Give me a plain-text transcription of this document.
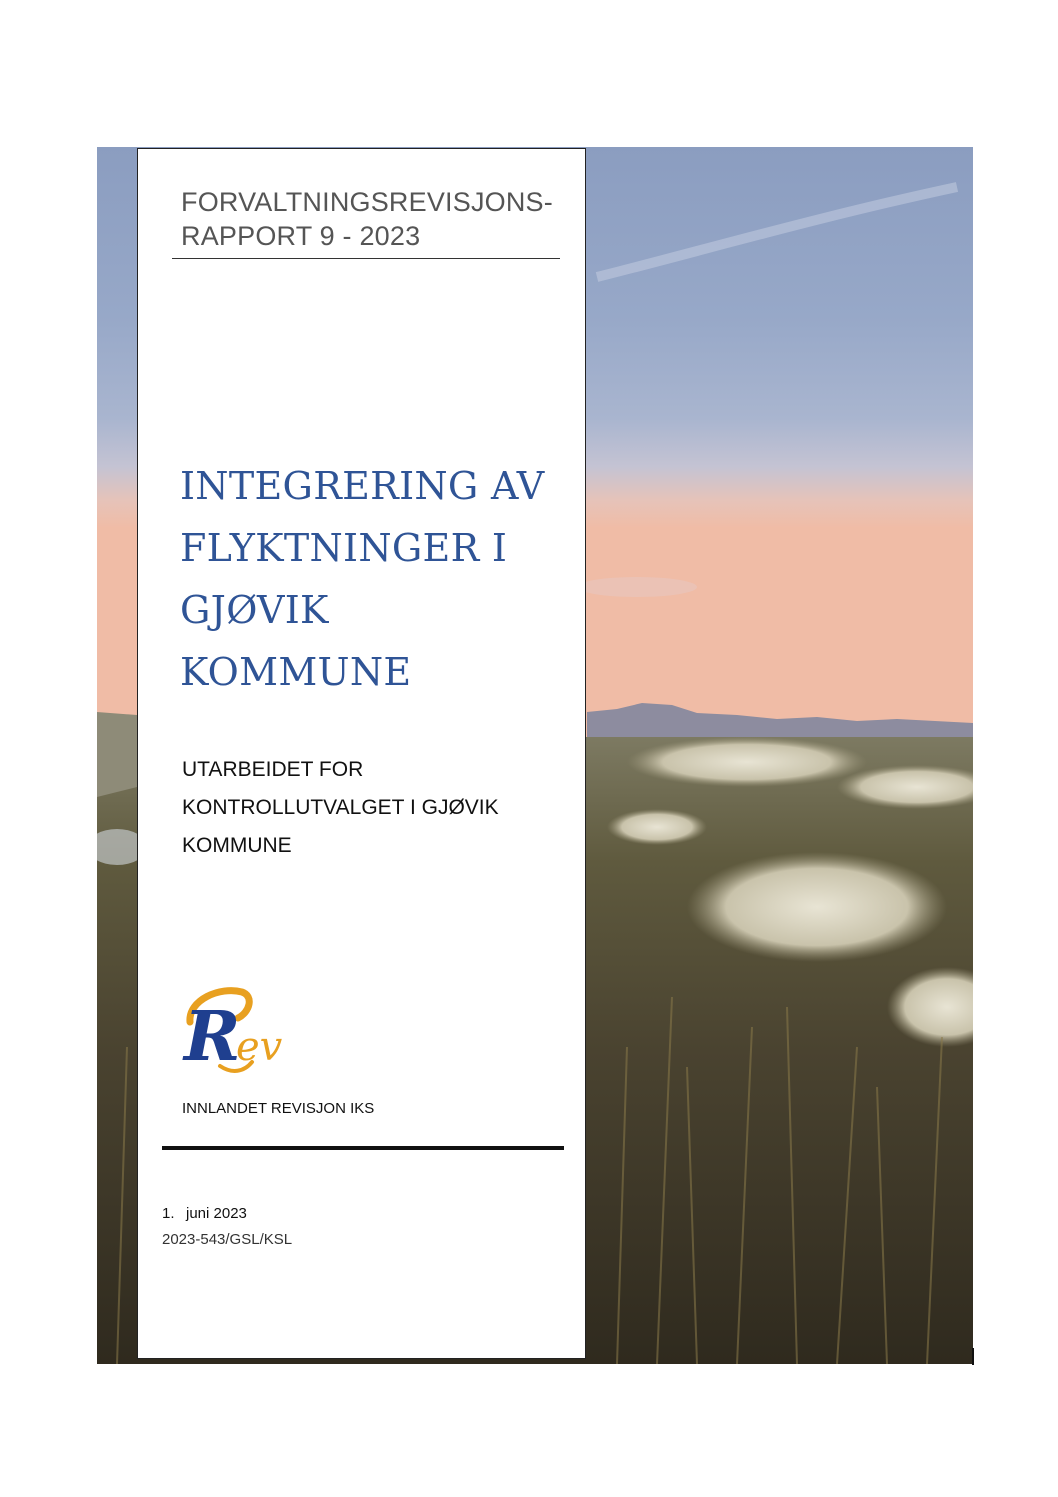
FORVALTNINGSREVISJONS-
RAPPORT 9 - 2023
INTEGRERING AV
FLYKTNINGER I
GJØVIK
KOMMUNE
UTARBEIDET FOR
KONTROLLUTVALGET I GJØVIK
KOMMUNE
R
ev
INNLANDET REVISJON IKS
1. juni 2023
2023-543/GSL/KSL
